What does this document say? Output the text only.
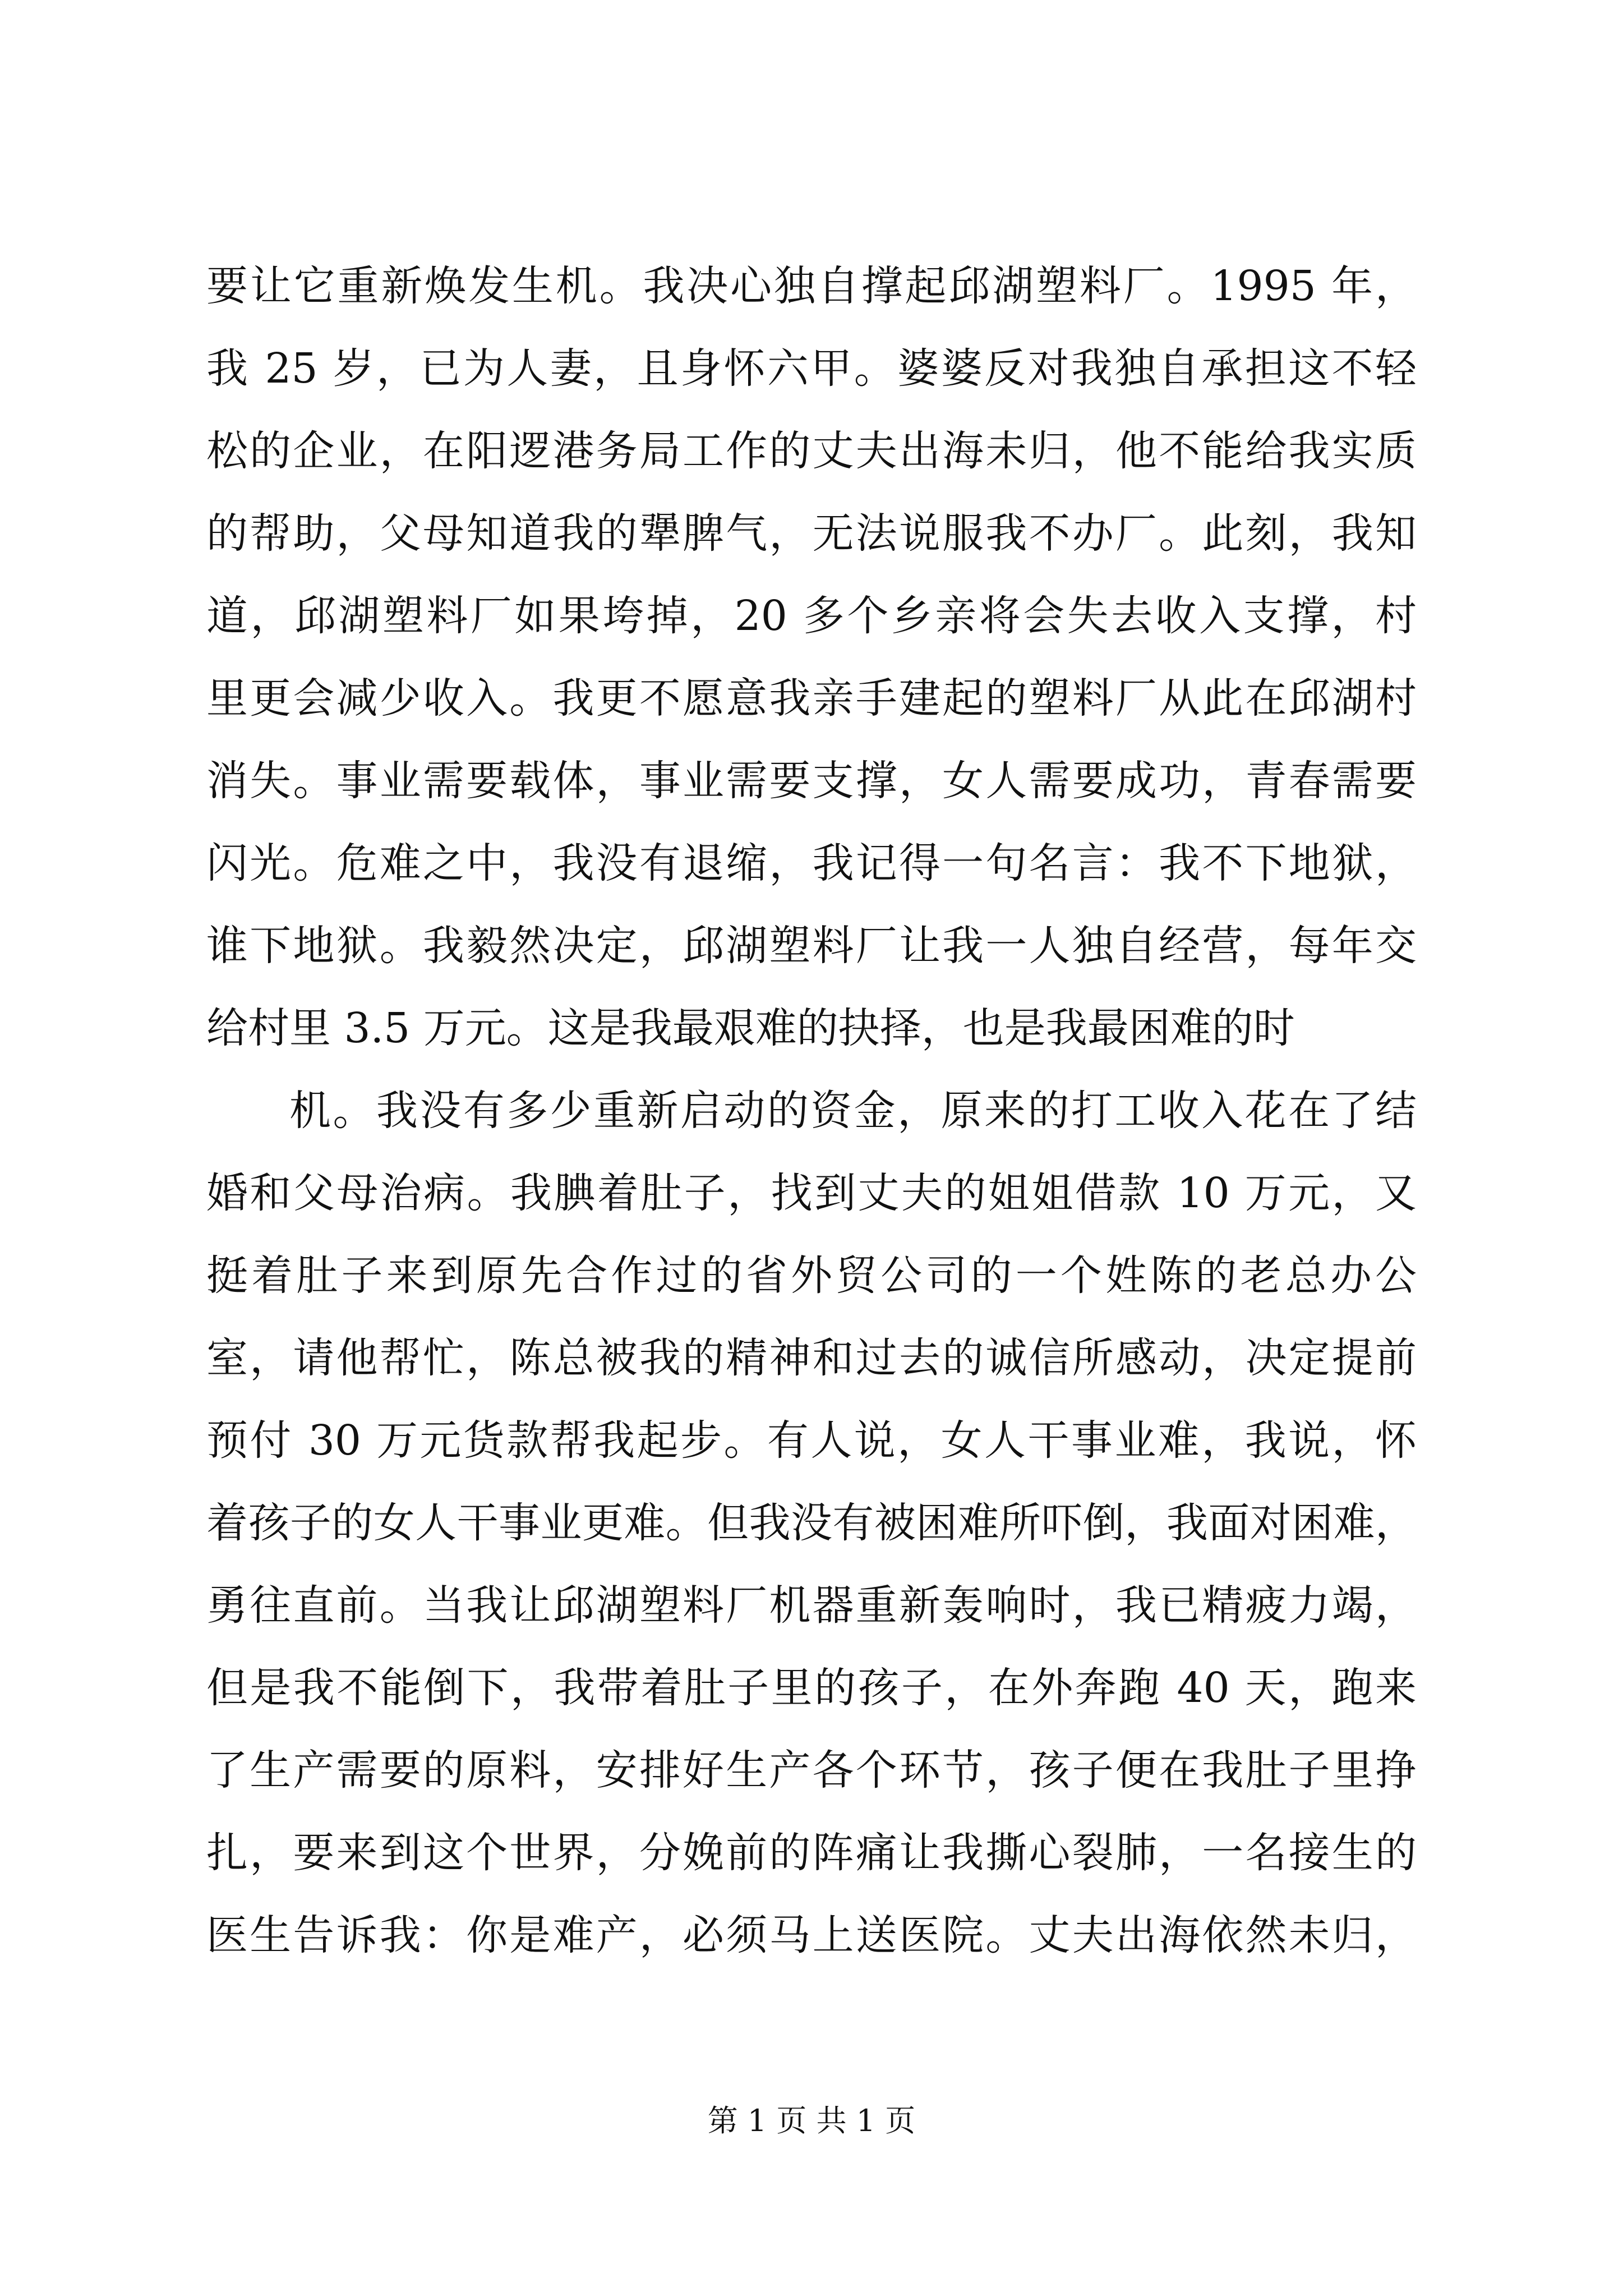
要让它重新焕发生机。我决心独自撑起邱湖塑料厂。1995 年，
我 25 岁，已为人妻，且身怀六甲。婆婆反对我独自承担这不轻
松的企业，在阳逻港务局工作的丈夫出海未归，他不能给我实质
的帮助，父母知道我的犟脾气，无法说服我不办厂。此刻，我知
道，邱湖塑料厂如果垮掉，20 多个乡亲将会失去收入支撑，村
里更会减少收入。我更不愿意我亲手建起的塑料厂从此在邱湖村
消失。事业需要载体，事业需要支撑，女人需要成功，青春需要
闪光。危难之中，我没有退缩，我记得一句名言：我不下地狱，
谁下地狱。我毅然决定，邱湖塑料厂让我一人独自经营，每年交
给村里 3.5 万元。这是我最艰难的抉择，也是我最困难的时
机。我没有多少重新启动的资金，原来的打工收入花在了结
婚和父母治病。我腆着肚子，找到丈夫的姐姐借款 10 万元，又
挺着肚子来到原先合作过的省外贸公司的一个姓陈的老总办公
室，请他帮忙，陈总被我的精神和过去的诚信所感动，决定提前
预付 30 万元货款帮我起步。有人说，女人干事业难，我说，怀
着孩子的女人干事业更难。但我没有被困难所吓倒，我面对困难，
勇往直前。当我让邱湖塑料厂机器重新轰响时，我已精疲力竭，
但是我不能倒下，我带着肚子里的孩子，在外奔跑 40 天，跑来
了生产需要的原料，安排好生产各个环节，孩子便在我肚子里挣
扎，要来到这个世界，分娩前的阵痛让我撕心裂肺，一名接生的
医生告诉我：你是难产，必须马上送医院。丈夫出海依然未归，
第 1 页 共 1 页
